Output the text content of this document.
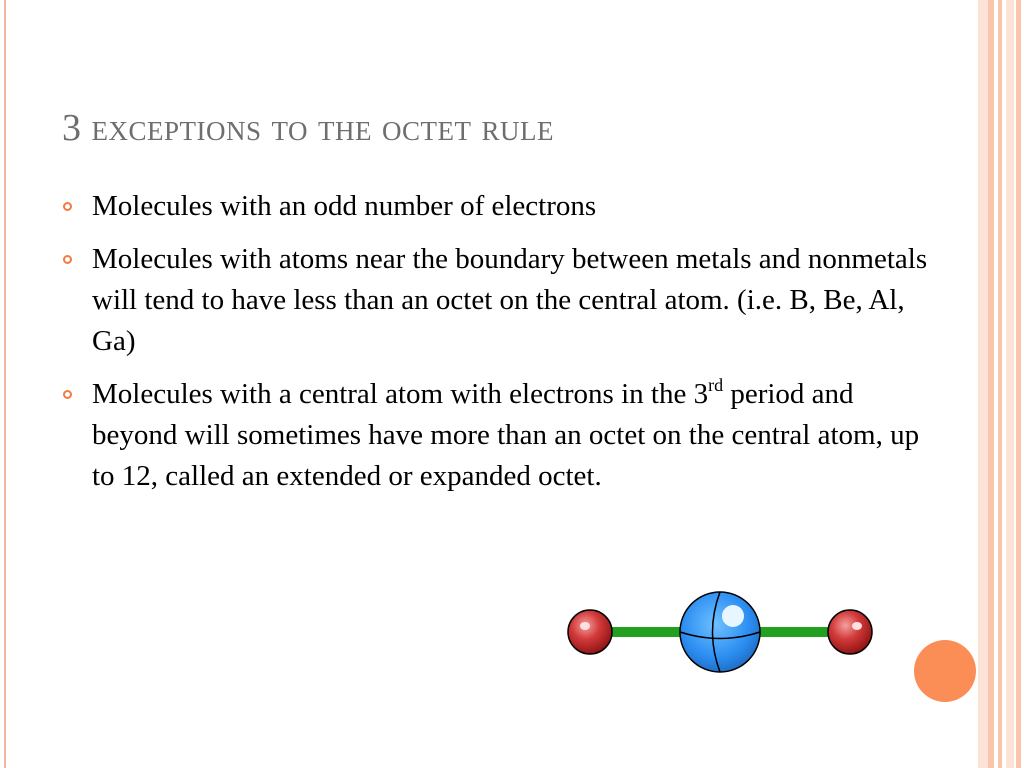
3 exceptions to the octet rule
Molecules with an odd number of electrons
Molecules with atoms near the boundary between metals and nonmetals will tend to have less than an octet on the central atom. (i.e. B, Be, Al, Ga)
Molecules with a central atom with electrons in the 3rd period and beyond will sometimes have more than an octet on the central atom, up to 12, called an extended or expanded octet.
